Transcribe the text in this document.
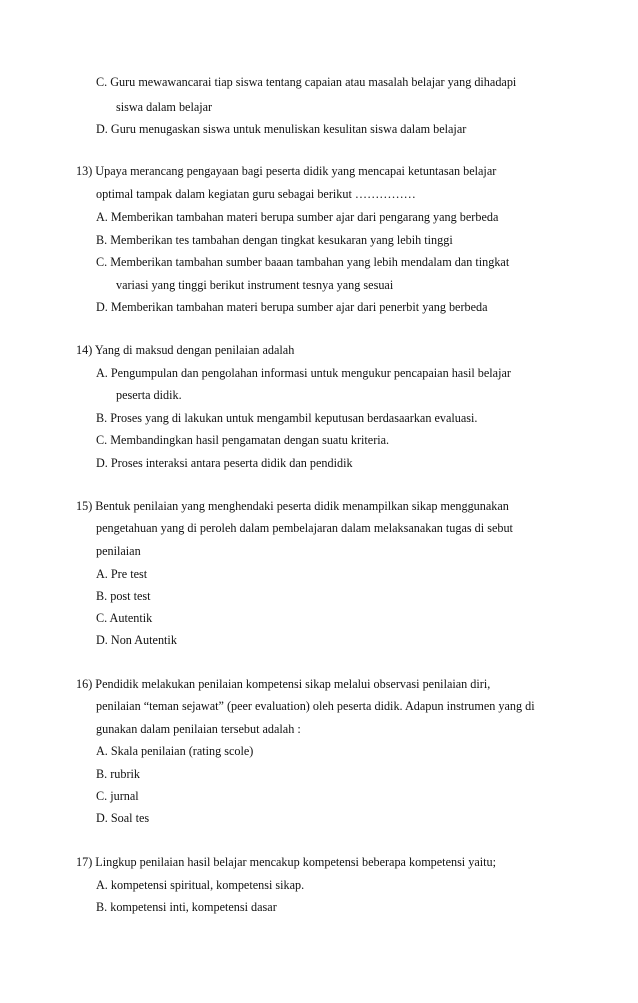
C. Guru mewawancarai tiap siswa tentang capaian atau masalah belajar yang dihadapi
siswa dalam belajar
D. Guru menugaskan siswa untuk menuliskan kesulitan siswa dalam belajar
13) Upaya merancang pengayaan bagi peserta didik yang mencapai ketuntasan belajar
optimal tampak dalam kegiatan guru sebagai berikut ……………
A. Memberikan tambahan materi berupa sumber ajar dari pengarang yang berbeda
B. Memberikan tes tambahan dengan tingkat kesukaran yang lebih tinggi
C. Memberikan tambahan sumber baaan tambahan yang lebih mendalam dan tingkat
variasi yang tinggi berikut instrument tesnya yang sesuai
D. Memberikan tambahan materi berupa sumber ajar dari penerbit yang berbeda
14) Yang di maksud dengan penilaian adalah
A. Pengumpulan dan pengolahan informasi untuk mengukur pencapaian hasil belajar
peserta didik.
B. Proses yang di lakukan untuk mengambil keputusan berdasaarkan evaluasi.
C. Membandingkan hasil pengamatan dengan suatu kriteria.
D. Proses interaksi antara peserta didik dan pendidik
15) Bentuk penilaian yang menghendaki peserta didik menampilkan sikap menggunakan
pengetahuan yang di peroleh dalam pembelajaran dalam melaksanakan tugas di sebut
penilaian
A. Pre test
B. post test
C. Autentik
D. Non Autentik
16) Pendidik melakukan penilaian kompetensi sikap melalui observasi penilaian diri,
penilaian “teman sejawat” (peer evaluation) oleh peserta didik. Adapun instrumen yang di
gunakan dalam penilaian tersebut adalah :
A. Skala penilaian (rating scole)
B. rubrik
C. jurnal
D. Soal tes
17) Lingkup penilaian hasil belajar mencakup kompetensi beberapa kompetensi yaitu;
A. kompetensi spiritual, kompetensi sikap.
B. kompetensi inti, kompetensi dasar
